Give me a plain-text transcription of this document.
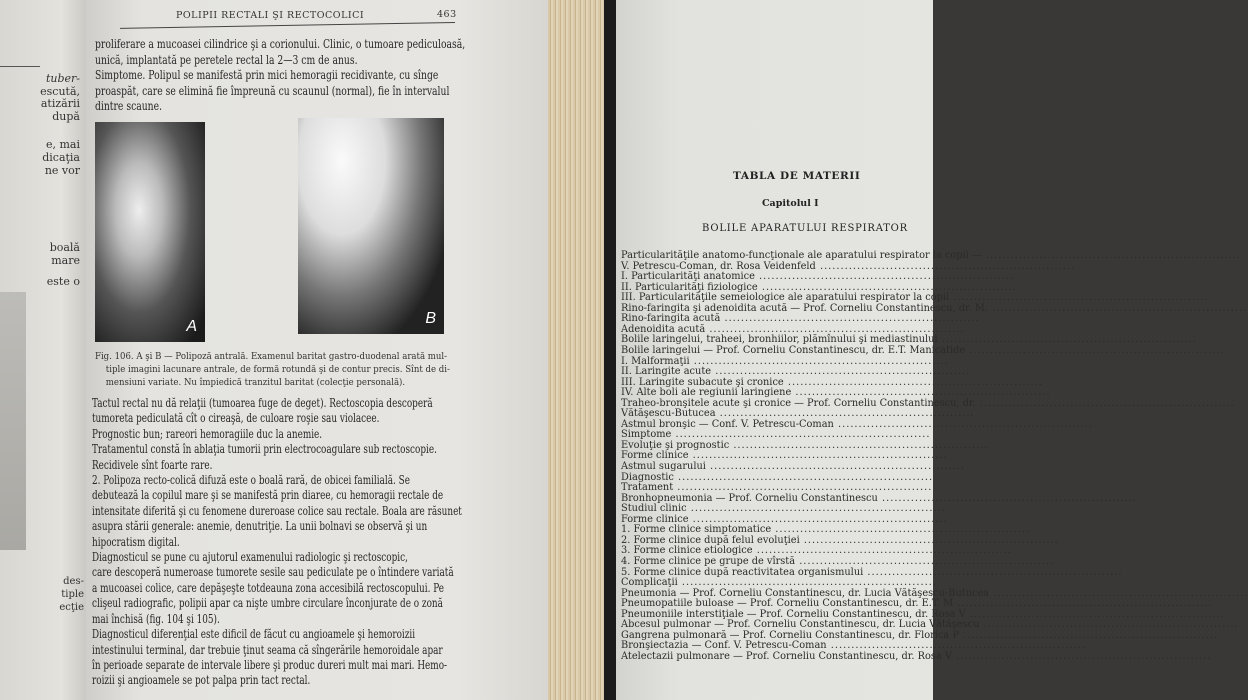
tuber-
escută,
atizării
după
e, mai
dicaţia
ne vor
boală
mare
este o
des-
tiple
ecţie
POLIPII RECTALI ŞI RECTOCOLICI	463
proliferare a mucoasei cilindrice şi a corionului. Clinic, o tumoare pediculoasă,
unică, implantată pe peretele rectal la 2—3 cm de anus.
Simptome. Polipul se manifestă prin mici hemoragii recidivante, cu sînge
proaspăt, care se elimină fie împreună cu scaunul (normal), fie în intervalul
dintre scaune.
A	B
Fig. 106. A şi B — Polipoză antrală. Examenul baritat gastro-duodenal arată mul-
tiple imagini lacunare antrale, de formă rotundă şi de contur precis. Sînt de di-
mensiuni variate. Nu împiedică tranzitul baritat (colecţie personală).
Tactul rectal nu dă relaţii (tumoarea fuge de deget). Rectoscopia descoperă
tumoreta pediculată cît o cireaşă, de culoare roşie sau violacee.
Prognostic bun; rareori hemoragiile duc la anemie.
Tratamentul constă în ablaţia tumorii prin electrocoagulare sub rectoscopie.
Recidivele sînt foarte rare.
2. Polipoza recto-colică difuză este o boală rară, de obicei familială. Se
debutează la copilul mare şi se manifestă prin diaree, cu hemoragii rectale de
intensitate diferită şi cu fenomene dureroase colice sau rectale. Boala are răsunet
asupra stării generale: anemie, denutriţie. La unii bolnavi se observă şi un
hipocratism digital.
Diagnosticul se pune cu ajutorul examenului radiologic şi rectoscopic,
care descoperă numeroase tumorete sesile sau pediculate pe o întindere variată
a mucoasei colice, care depăşeşte totdeauna zona accesibilă rectoscopului. Pe
clişeul radiografic, polipii apar ca nişte umbre circulare înconjurate de o zonă
mai închisă (fig. 104 şi 105).
Diagnosticul diferenţial este dificil de făcut cu angioamele şi hemoroizii
intestinului terminal, dar trebuie ţinut seama că sîngerările hemoroidale apar
în perioade separate de intervale libere şi produc dureri mult mai mari. Hemo-
roizii şi angioamele se pot palpa prin tact rectal.
TABLA DE MATERII
Capitolul I
BOLILE APARATULUI RESPIRATOR
Particularităţile anatomo-funcţionale ale aparatului respirator la copii — ..............................................................
V. Petrescu-Coman, dr. Rosa Veidenfeld ..............................................................
I. Particularităţi anatomice ..............................................................
II. Particularităţi fiziologice ..............................................................
III. Particularităţile semeiologice ale aparatului respirator la copil ..............................................................
Rino-faringita şi adenoidita acută — Prof. Corneliu Constantinescu, dr. M. ..............................................................
Rino-faringita acută ..............................................................
Adenoidita acută ..............................................................
Bolile laringelui, traheei, bronhiilor, plămînului şi mediastinului ..............................................................
Bolile laringelui — Prof. Corneliu Constantinescu, dr. E.T. Manicatide ..............................................................
I. Malformaţii ..............................................................
II. Laringite acute ..............................................................
III. Laringite subacute şi cronice ..............................................................
IV. Alte boli ale regiunii laringiene ..............................................................
Traheo-bronşitele acute şi cronice — Prof. Corneliu Constantinescu, dr. ..............................................................
Vătăşescu-Butucea ..............................................................
Astmul bronşic — Conf. V. Petrescu-Coman ..............................................................
Simptome ..............................................................
Evoluţie şi prognostic ..............................................................
Forme clinice ..............................................................
Astmul sugarului ..............................................................
Diagnostic ..............................................................
Tratament ..............................................................
Bronhopneumonia — Prof. Corneliu Constantinescu ..............................................................
Studiul clinic ..............................................................
Forme clinice ..............................................................
1. Forme clinice simptomatice ..............................................................
2. Forme clinice după felul evoluţiei ..............................................................
3. Forme clinice etiologice ..............................................................
4. Forme clinice pe grupe de vîrstă ..............................................................
5. Forme clinice după reactivitatea organismului ..............................................................
Complicaţii ..............................................................
Pneumonia — Prof. Corneliu Constantinescu, dr. Lucia Vătăşescu-Butucea ..............................................................
Pneumopatiile buloase — Prof. Corneliu Constantinescu, dr. E.T. M ..............................................................
Pneumoniile interstiţiale — Prof. Corneliu Constantinescu, dr. Rosa V ..............................................................
Abcesul pulmonar — Prof. Corneliu Constantinescu, dr. Lucia Vătăşescu ..............................................................
Gangrena pulmonară — Prof. Corneliu Constantinescu, dr. Florica P ..............................................................
Bronşiectazia — Conf. V. Petrescu-Coman ..............................................................
Atelectazii pulmonare — Prof. Corneliu Constantinescu, dr. Rosa V ..............................................................
